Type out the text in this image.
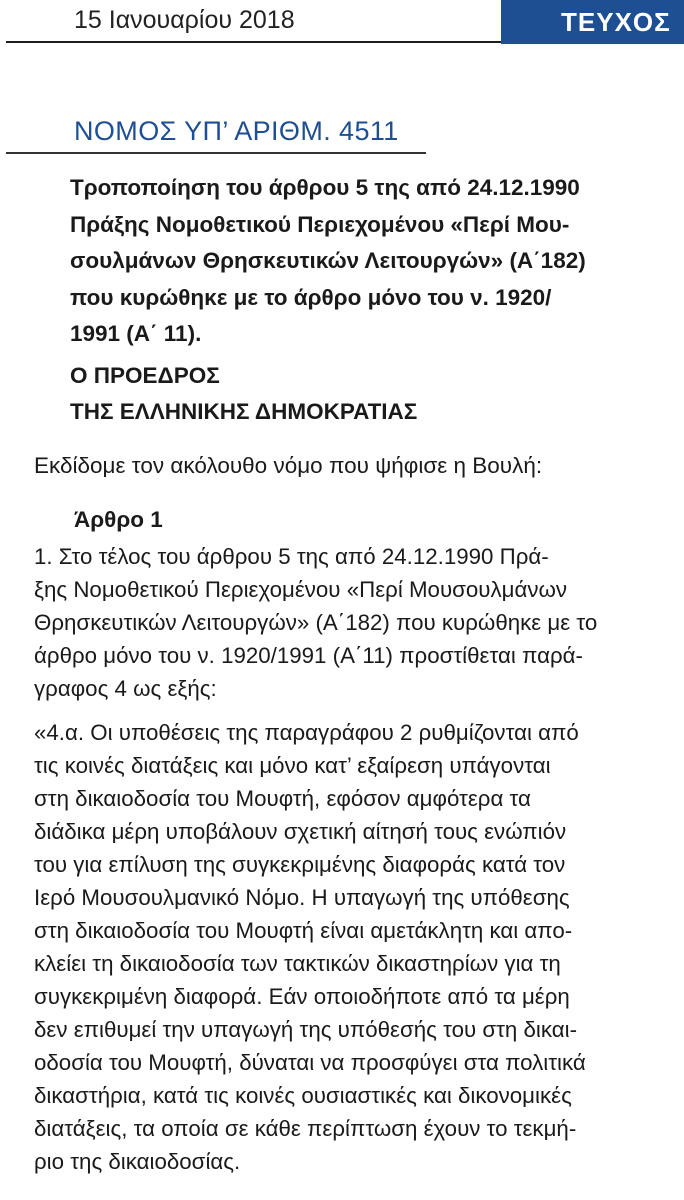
15 Ιανουαρίου 2018	ΤΕΥΧΟΣ
ΝΟΜΟΣ ΥΠ’ ΑΡΙΘΜ. 4511
Τροποποίηση του άρθρου 5 της από 24.12.1990
Πράξης Νομοθετικού Περιεχομένου «Περί Μου-
σουλμάνων Θρησκευτικών Λειτουργών» (Α΄182)
που κυρώθηκε με το άρθρο μόνο του ν. 1920/
1991 (Α΄ 11).
Ο ΠΡΟΕΔΡΟΣ
ΤΗΣ ΕΛΛΗΝΙΚΗΣ ΔΗΜΟΚΡΑΤΙΑΣ
Εκδίδομε τον ακόλουθο νόμο που ψήφισε η Βουλή:
Άρθρο 1
1. Στο τέλος του άρθρου 5 της από 24.12.1990 Πρά-
ξης Νομοθετικού Περιεχομένου «Περί Μουσουλμάνων
Θρησκευτικών Λειτουργών» (Α΄182) που κυρώθηκε με το
άρθρο μόνο του ν. 1920/1991 (Α΄11) προστίθεται παρά-
γραφος 4 ως εξής:
«4.α. Οι υποθέσεις της παραγράφου 2 ρυθμίζονται από
τις κοινές διατάξεις και μόνο κατ’ εξαίρεση υπάγονται
στη δικαιοδοσία του Μουφτή, εφόσον αμφότερα τα
διάδικα μέρη υποβάλουν σχετική αίτησή τους ενώπιόν
του για επίλυση της συγκεκριμένης διαφοράς κατά τον
Ιερό Μουσουλμανικό Νόμο. Η υπαγωγή της υπόθεσης
στη δικαιοδοσία του Μουφτή είναι αμετάκλητη και απο-
κλείει τη δικαιοδοσία των τακτικών δικαστηρίων για τη
συγκεκριμένη διαφορά. Εάν οποιοδήποτε από τα μέρη
δεν επιθυμεί την υπαγωγή της υπόθεσής του στη δικαι-
οδοσία του Μουφτή, δύναται να προσφύγει στα πολιτικά
δικαστήρια, κατά τις κοινές ουσιαστικές και δικονομικές
διατάξεις, τα οποία σε κάθε περίπτωση έχουν το τεκμή-
ριο της δικαιοδοσίας.
